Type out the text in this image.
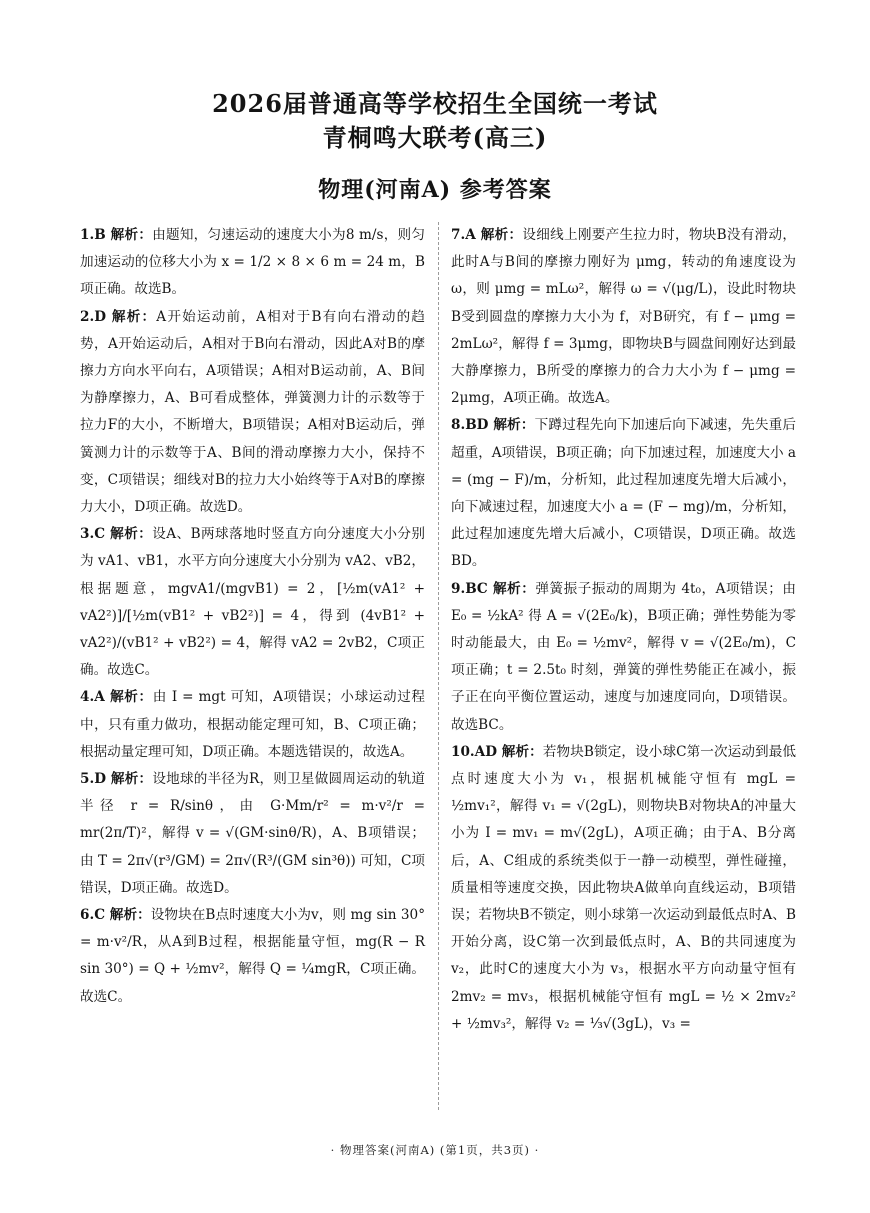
2026届普通高等学校招生全国统一考试
青桐鸣大联考(高三)
物理(河南A) 参考答案

1.B 解析：由题知，匀速运动的速度大小为8 m/s，则匀加速运动的位移大小为 x = 1/2 × 8 × 6 m = 24 m，B项正确。故选B。

2.D 解析：A开始运动前，A相对于B有向右滑动的趋势，A开始运动后，A相对于B向右滑动，因此A对B的摩擦力方向水平向右，A项错误；A相对B运动前，A、B间为静摩擦力，A、B可看成整体，弹簧测力计的示数等于拉力F的大小，不断增大，B项错误；A相对B运动后，弹簧测力计的示数等于A、B间的滑动摩擦力大小，保持不变，C项错误；细线对B的拉力大小始终等于A对B的摩擦力大小，D项正确。故选D。

3.C 解析：设A、B两球落地时竖直方向分速度大小分别为 vA1、vB1，水平方向分速度大小分别为 vA2、vB2，根据题意，mgvA1/(mgvB1) = 2，[½m(vA1² + vA2²)]/[½m(vB1² + vB2²)] = 4，得到 (4vB1² + vA2²)/(vB1² + vB2²) = 4，解得 vA2 = 2vB2，C项正确。故选C。

4.A 解析：由 I = mgt 可知，A项错误；小球运动过程中，只有重力做功，根据动能定理可知，B、C项正确；根据动量定理可知，D项正确。本题选错误的，故选A。

5.D 解析：设地球的半径为R，则卫星做圆周运动的轨道半径 r = R/sinθ，由 G·Mm/r² = m·v²/r = mr(2π/T)²，解得 v = √(GM·sinθ/R)，A、B项错误；由 T = 2π√(r³/GM) = 2π√(R³/(GM sin³θ)) 可知，C项错误，D项正确。故选D。

6.C 解析：设物块在B点时速度大小为v，则 mg sin 30° = m·v²/R，从A到B过程，根据能量守恒，mg(R − R sin 30°) = Q + ½mv²，解得 Q = ¼mgR，C项正确。故选C。

7.A 解析：设细线上刚要产生拉力时，物块B没有滑动，此时A与B间的摩擦力刚好为 μmg，转动的角速度设为 ω，则 μmg = mLω²，解得 ω = √(μg/L)，设此时物块B受到圆盘的摩擦力大小为 f，对B研究，有 f − μmg = 2mLω²，解得 f = 3μmg，即物块B与圆盘间刚好达到最大静摩擦力，B所受的摩擦力的合力大小为 f − μmg = 2μmg，A项正确。故选A。

8.BD 解析：下蹲过程先向下加速后向下减速，先失重后超重，A项错误，B项正确；向下加速过程，加速度大小 a = (mg − F)/m，分析知，此过程加速度先增大后减小，向下减速过程，加速度大小 a = (F − mg)/m，分析知，此过程加速度先增大后减小，C项错误，D项正确。故选BD。

9.BC 解析：弹簧振子振动的周期为 4t₀，A项错误；由 E₀ = ½kA² 得 A = √(2E₀/k)，B项正确；弹性势能为零时动能最大，由 E₀ = ½mv²，解得 v = √(2E₀/m)，C项正确；t = 2.5t₀ 时刻，弹簧的弹性势能正在减小，振子正在向平衡位置运动，速度与加速度同向，D项错误。故选BC。

10.AD 解析：若物块B锁定，设小球C第一次运动到最低点时速度大小为 v₁，根据机械能守恒有 mgL = ½mv₁²，解得 v₁ = √(2gL)，则物块B对物块A的冲量大小为 I = mv₁ = m√(2gL)，A项正确；由于A、B分离后，A、C组成的系统类似于一静一动模型，弹性碰撞，质量相等速度交换，因此物块A做单向直线运动，B项错误；若物块B不锁定，则小球第一次运动到最低点时A、B开始分离，设C第一次到最低点时，A、B的共同速度为 v₂，此时C的速度大小为 v₃，根据水平方向动量守恒有 2mv₂ = mv₃，根据机械能守恒有 mgL = ½ × 2mv₂² + ½mv₃²，解得 v₂ = ⅓√(3gL)，v₃ =

· 物理答案(河南A) (第1页，共3页) ·
